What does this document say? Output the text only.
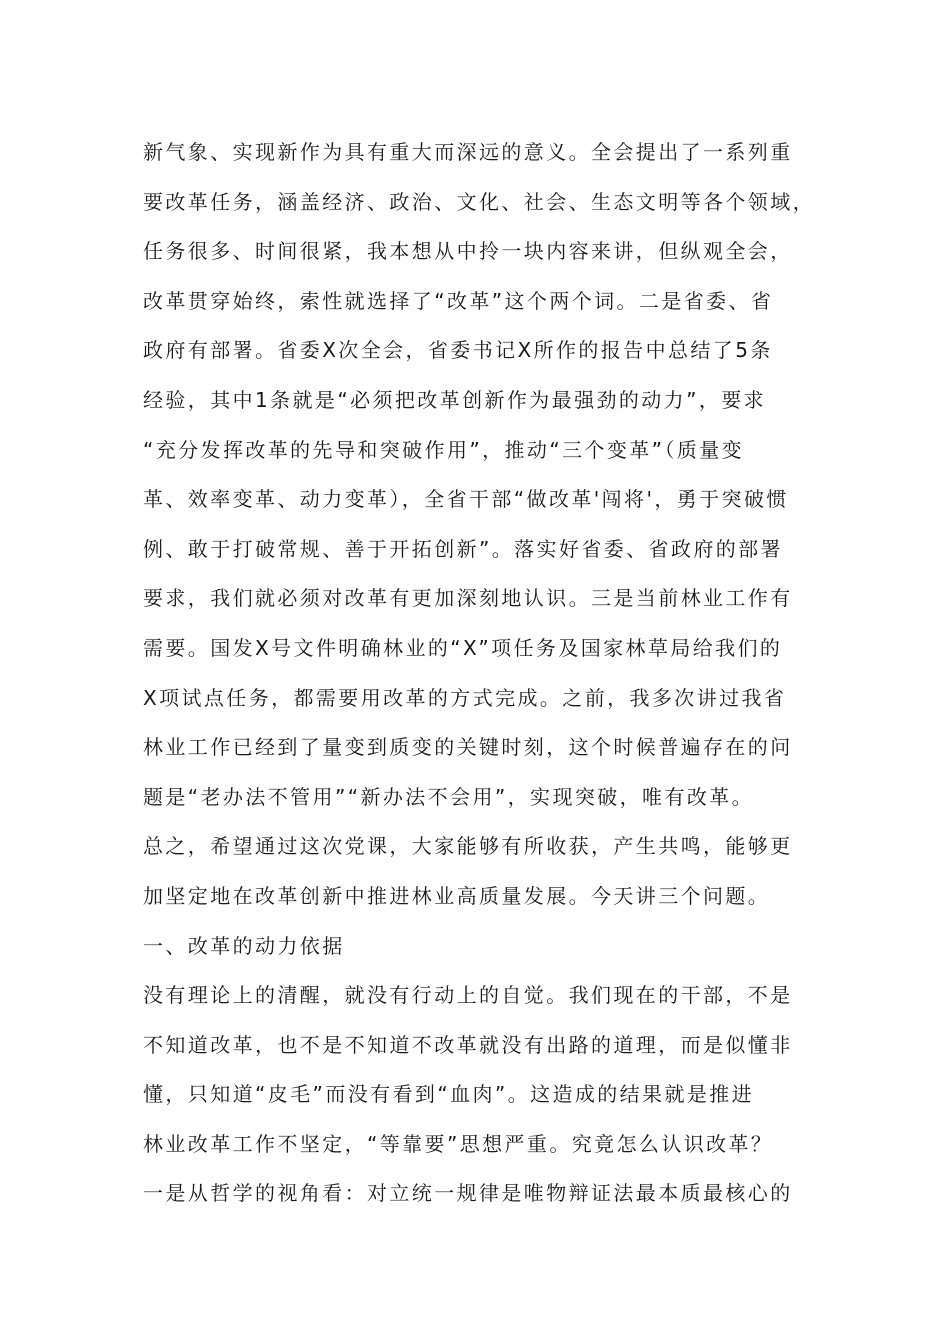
新气象、实现新作为具有重大而深远的意义。全会提出了一系列重
要改革任务，涵盖经济、政治、文化、社会、生态文明等各个领域，
任务很多、时间很紧，我本想从中拎一块内容来讲，但纵观全会，
改革贯穿始终，索性就选择了“改革”这个两个词。二是省委、省
政府有部署。省委X次全会，省委书记X所作的报告中总结了5条
经验，其中1条就是“必须把改革创新作为最强劲的动力”，要求
“充分发挥改革的先导和突破作用”，推动“三个变革”（质量变
革、效率变革、动力变革），全省干部“做改革'闯将'，勇于突破惯
例、敢于打破常规、善于开拓创新”。落实好省委、省政府的部署
要求，我们就必须对改革有更加深刻地认识。三是当前林业工作有
需要。国发X号文件明确林业的“X”项任务及国家林草局给我们的
X项试点任务，都需要用改革的方式完成。之前，我多次讲过我省
林业工作已经到了量变到质变的关键时刻，这个时候普遍存在的问
题是“老办法不管用”“新办法不会用”，实现突破，唯有改革。
总之，希望通过这次党课，大家能够有所收获，产生共鸣，能够更
加坚定地在改革创新中推进林业高质量发展。今天讲三个问题。
一、改革的动力依据
没有理论上的清醒，就没有行动上的自觉。我们现在的干部，不是
不知道改革，也不是不知道不改革就没有出路的道理，而是似懂非
懂，只知道“皮毛”而没有看到“血肉”。这造成的结果就是推进
林业改革工作不坚定，“等靠要”思想严重。究竟怎么认识改革？
一是从哲学的视角看：对立统一规律是唯物辩证法最本质最核心的
